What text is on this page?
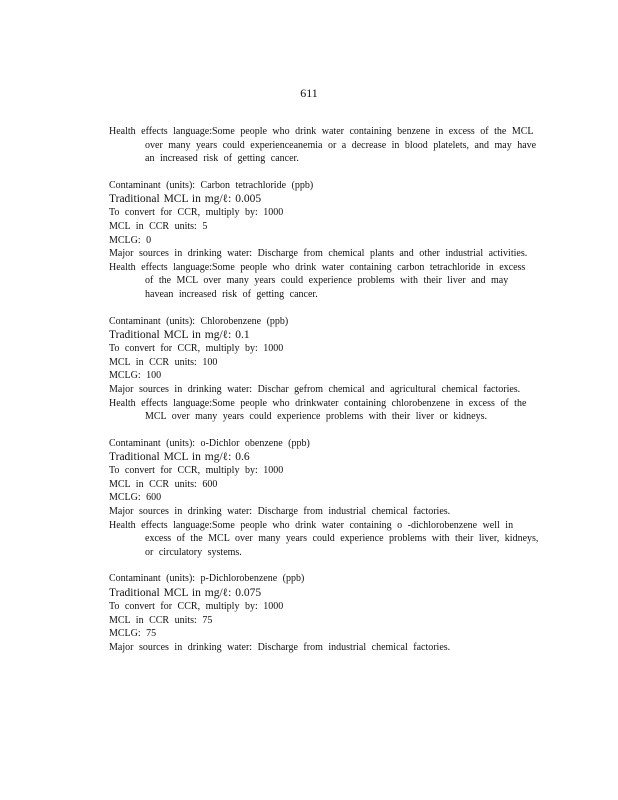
611

Health effects language:Some people who drink water containing benzene in excess of the MCL over many years could experienceanemia or a decrease in blood platelets, and may have an increased risk of getting cancer.

Contaminant (units): Carbon tetrachloride (ppb)

Traditional MCL in mg/ℓ: 0.005

To convert for CCR, multiply by: 1000

MCL in CCR units: 5

MCLG: 0

Major sources in drinking water: Discharge from chemical plants and other industrial activities.

Health effects language:Some people who drink water containing carbon tetrachloride in excess of the MCL over many years could experience problems with their liver and may havean increased risk of getting cancer.

Contaminant (units): Chlorobenzene (ppb)

Traditional MCL in mg/ℓ: 0.1

To convert for CCR, multiply by: 1000

MCL in CCR units: 100

MCLG: 100

Major sources in drinking water: Dischar gefrom chemical and agricultural chemical factories.

Health effects language:Some people who drinkwater containing chlorobenzene in excess of the MCL over many years could experience problems with their liver or kidneys.

Contaminant (units): o-Dichlor obenzene (ppb)

Traditional MCL in mg/ℓ: 0.6

To convert for CCR, multiply by: 1000

MCL in CCR units: 600

MCLG: 600

Major sources in drinking water: Discharge from industrial chemical factories.

Health effects language:Some people who drink water containing o -dichlorobenzene well in excess of the MCL over many years could experience problems with their liver, kidneys, or circulatory systems.

Contaminant (units): p-Dichlorobenzene (ppb)

Traditional MCL in mg/ℓ: 0.075

To convert for CCR, multiply by: 1000

MCL in CCR units: 75

MCLG: 75

Major sources in drinking water: Discharge from industrial chemical factories.
